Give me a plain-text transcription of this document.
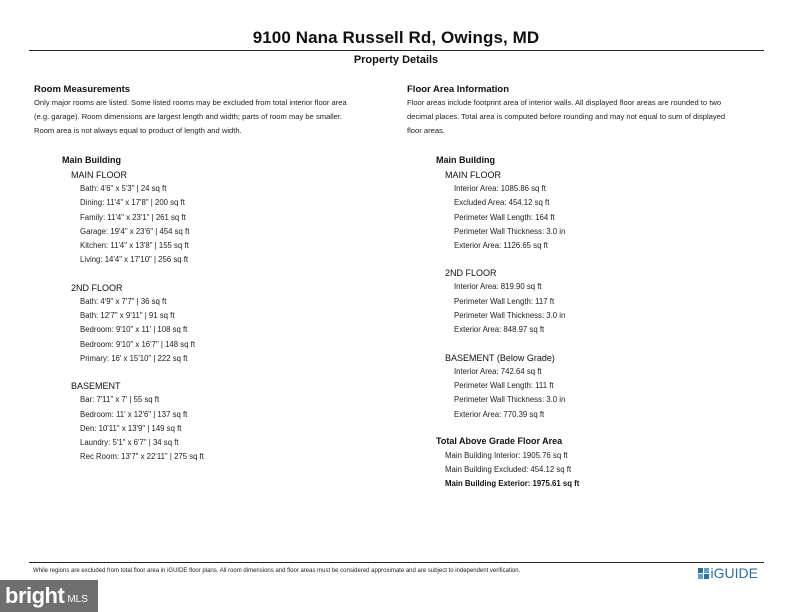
9100 Nana Russell Rd, Owings, MD
Property Details
Room Measurements
Only major rooms are listed. Some listed rooms may be excluded from total interior floor area
(e.g. garage). Room dimensions are largest length and width; parts of room may be smaller.
Room area is not always equal to product of length and width.
Main Building
MAIN FLOOR
Bath: 4'6" x 5'3" | 24 sq ft
Dining: 11'4" x 17'8" | 200 sq ft
Family: 11'4" x 23'1" | 261 sq ft
Garage: 19'4" x 23'6" | 454 sq ft
Kitchen: 11'4" x 13'8" | 155 sq ft
Living: 14'4" x 17'10" | 256 sq ft
2ND FLOOR
Bath: 4'9" x 7'7" | 36 sq ft
Bath: 12'7" x 9'11" | 91 sq ft
Bedroom: 9'10" x 11' | 108 sq ft
Bedroom: 9'10" x 16'7" | 148 sq ft
Primary: 16' x 15'10" | 222 sq ft
BASEMENT
Bar: 7'11" x 7' | 55 sq ft
Bedroom: 11' x 12'6" | 137 sq ft
Den: 10'11" x 13'9" | 149 sq ft
Laundry: 5'1" x 6'7" | 34 sq ft
Rec Room: 13'7" x 22'11" | 275 sq ft
Floor Area Information
Floor areas include footprint area of interior walls. All displayed floor areas are rounded to two
decimal places. Total area is computed before rounding and may not equal to sum of displayed
floor areas.
Main Building
MAIN FLOOR
Interior Area: 1085.86 sq ft
Excluded Area: 454.12 sq ft
Perimeter Wall Length: 164 ft
Perimeter Wall Thickness: 3.0 in
Exterior Area: 1126.65 sq ft
2ND FLOOR
Interior Area: 819.90 sq ft
Perimeter Wall Length: 117 ft
Perimeter Wall Thickness: 3.0 in
Exterior Area: 848.97 sq ft
BASEMENT (Below Grade)
Interior Area: 742.64 sq ft
Perimeter Wall Length: 111 ft
Perimeter Wall Thickness: 3.0 in
Exterior Area: 770.39 sq ft
Total Above Grade Floor Area
Main Building Interior: 1905.76 sq ft
Main Building Excluded: 454.12 sq ft
Main Building Exterior: 1975.61 sq ft
While regions are excluded from total floor area in iGUIDE floor plans. All room dimensions and floor areas must be considered approximate and are subject to independent verification.	iGUIDE
bright MLS
